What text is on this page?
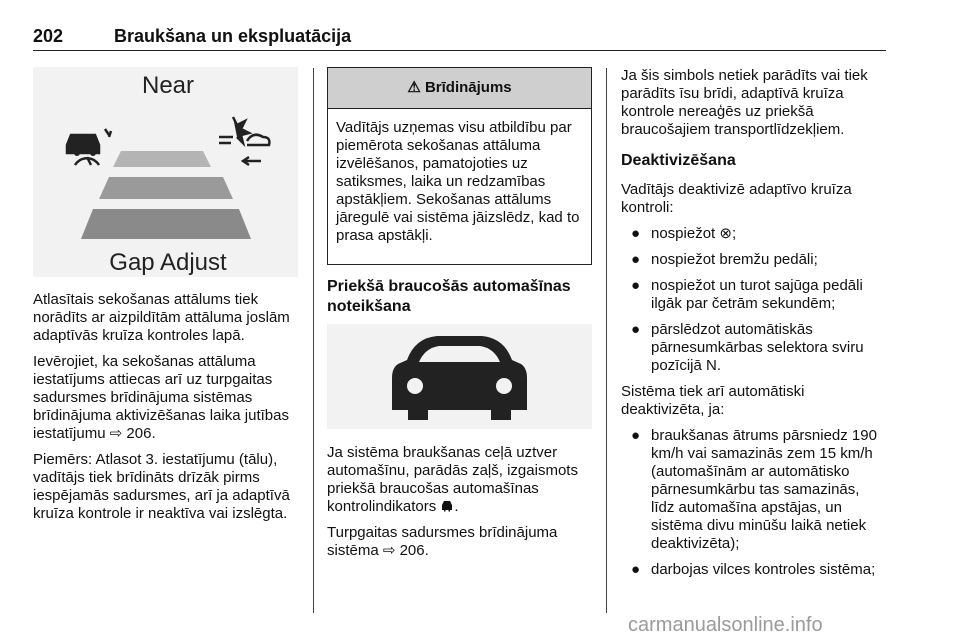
202	Braukšana un ekspluatācija
Near
Gap Adjust

Atlasītais sekošanas attālums tiek norādīts ar aizpildītām attāluma joslām adaptīvās kruīza kontroles lapā.

Ievērojiet, ka sekošanas attāluma iestatījums attiecas arī uz turpgaitas sadursmes brīdinājuma sistēmas brīdinājuma aktivizēšanas laika jutības iestatījumu ⇨ 206.

Piemērs: Atlasot 3. iestatījumu (tālu), vadītājs tiek brīdināts drīzāk pirms iespējamās sadursmes, arī ja adaptīvā kruīza kontrole ir neaktīva vai izslēgta.

⚠ Brīdinājums
Vadītājs uzņemas visu atbildību par piemērota sekošanas attāluma izvēlēšanos, pamatojoties uz satiksmes, laika un redzamības apstākļiem. Sekošanas attālums jāregulē vai sistēma jāizslēdz, kad to prasa apstākļi.
Priekšā braucošās automašīnas noteikšana

Ja sistēma braukšanas ceļā uztver automašīnu, parādās zaļš, izgaismots priekšā braucošas automašīnas kontrolindikators .

Turpgaitas sadursmes brīdinājuma sistēma ⇨ 206.

Ja šis simbols netiek parādīts vai tiek parādīts īsu brīdi, adaptīvā kruīza kontrole nereaģēs uz priekšā braucošajiem transportlīdzekļiem.

Deaktivizēšana

Vadītājs deaktivizē adaptīvo kruīza kontroli:

● nospiežot ⊗;
● nospiežot bremžu pedāli;
● nospiežot un turot sajūga pedāli ilgāk par četrām sekundēm;
● pārslēdzot automātiskās pārnesumkārbas selektora sviru pozīcijā N.

Sistēma tiek arī automātiski deaktivizēta, ja:

● braukšanas ātrums pārsniedz 190 km/h vai samazinās zem 15 km/h (automašīnām ar automātisko pārnesumkārbu tas samazinās, līdz automašīna apstājas, un sistēma divu minūšu laikā netiek deaktivizēta);
● darbojas vilces kontroles sistēma;
carmanualsonline.info
